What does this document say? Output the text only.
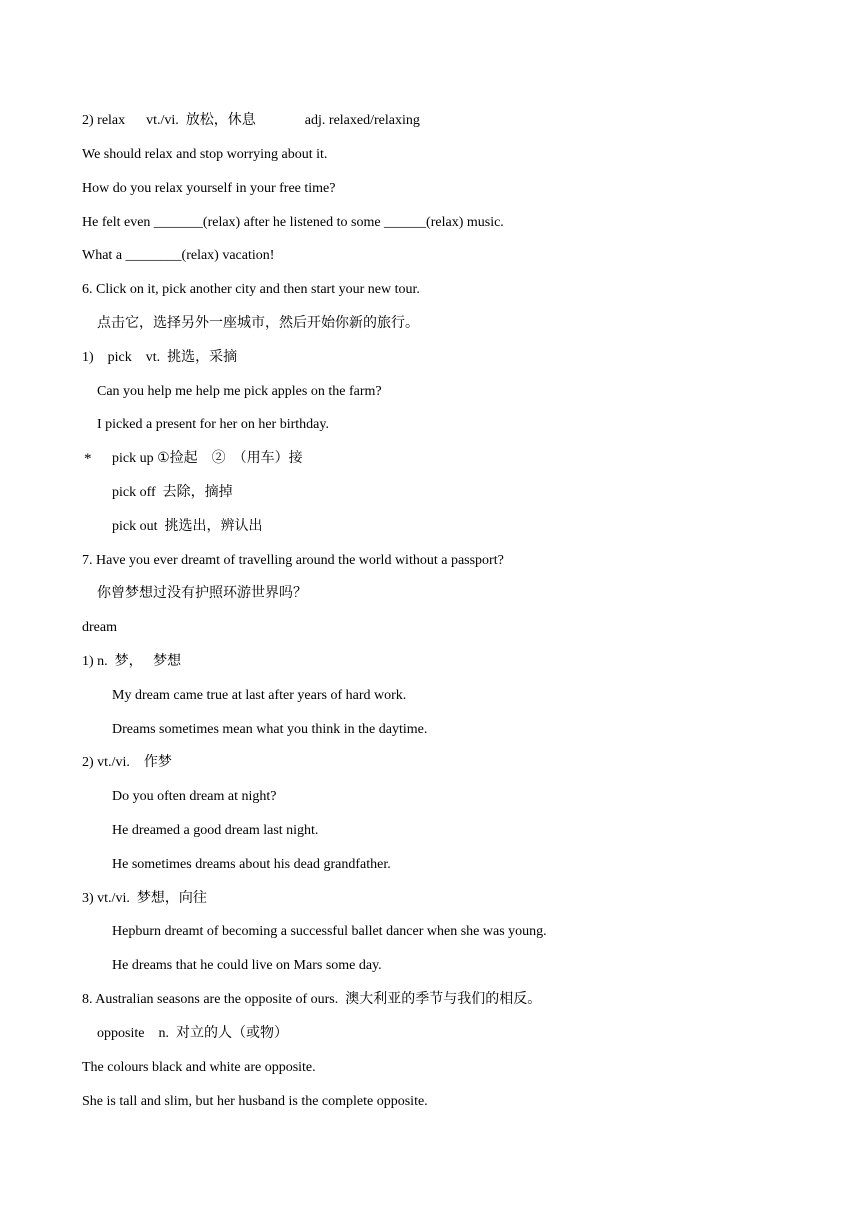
2) relax      vt./vi.  放松，休息              adj. relaxed/relaxing
We should relax and stop worrying about it.
How do you relax yourself in your free time?
He felt even _______(relax) after he listened to some ______(relax) music.
What a ________(relax) vacation!
6. Click on it, pick another city and then start your new tour.
点击它，选择另外一座城市，然后开始你新的旅行。
1)    pick    vt.  挑选，采摘
Can you help me help me pick apples on the farm?
I picked a present for her on her birthday.
* pick up ①捡起    ②  （用车）接
pick off  去除，摘掉
pick out  挑选出，辨认出
7. Have you ever dreamt of travelling around the world without a passport?
你曾梦想过没有护照环游世界吗？
dream
1) n.  梦，   梦想
My dream came true at last after years of hard work.
Dreams sometimes mean what you think in the daytime.
2) vt./vi.    作梦
Do you often dream at night?
He dreamed a good dream last night.
He sometimes dreams about his dead grandfather.
3) vt./vi.  梦想，向往
Hepburn dreamt of becoming a successful ballet dancer when she was young.
He dreams that he could live on Mars some day.
8. Australian seasons are the opposite of ours.  澳大利亚的季节与我们的相反。
opposite    n.  对立的人（或物）
The colours black and white are opposite.
She is tall and slim, but her husband is the complete opposite.
